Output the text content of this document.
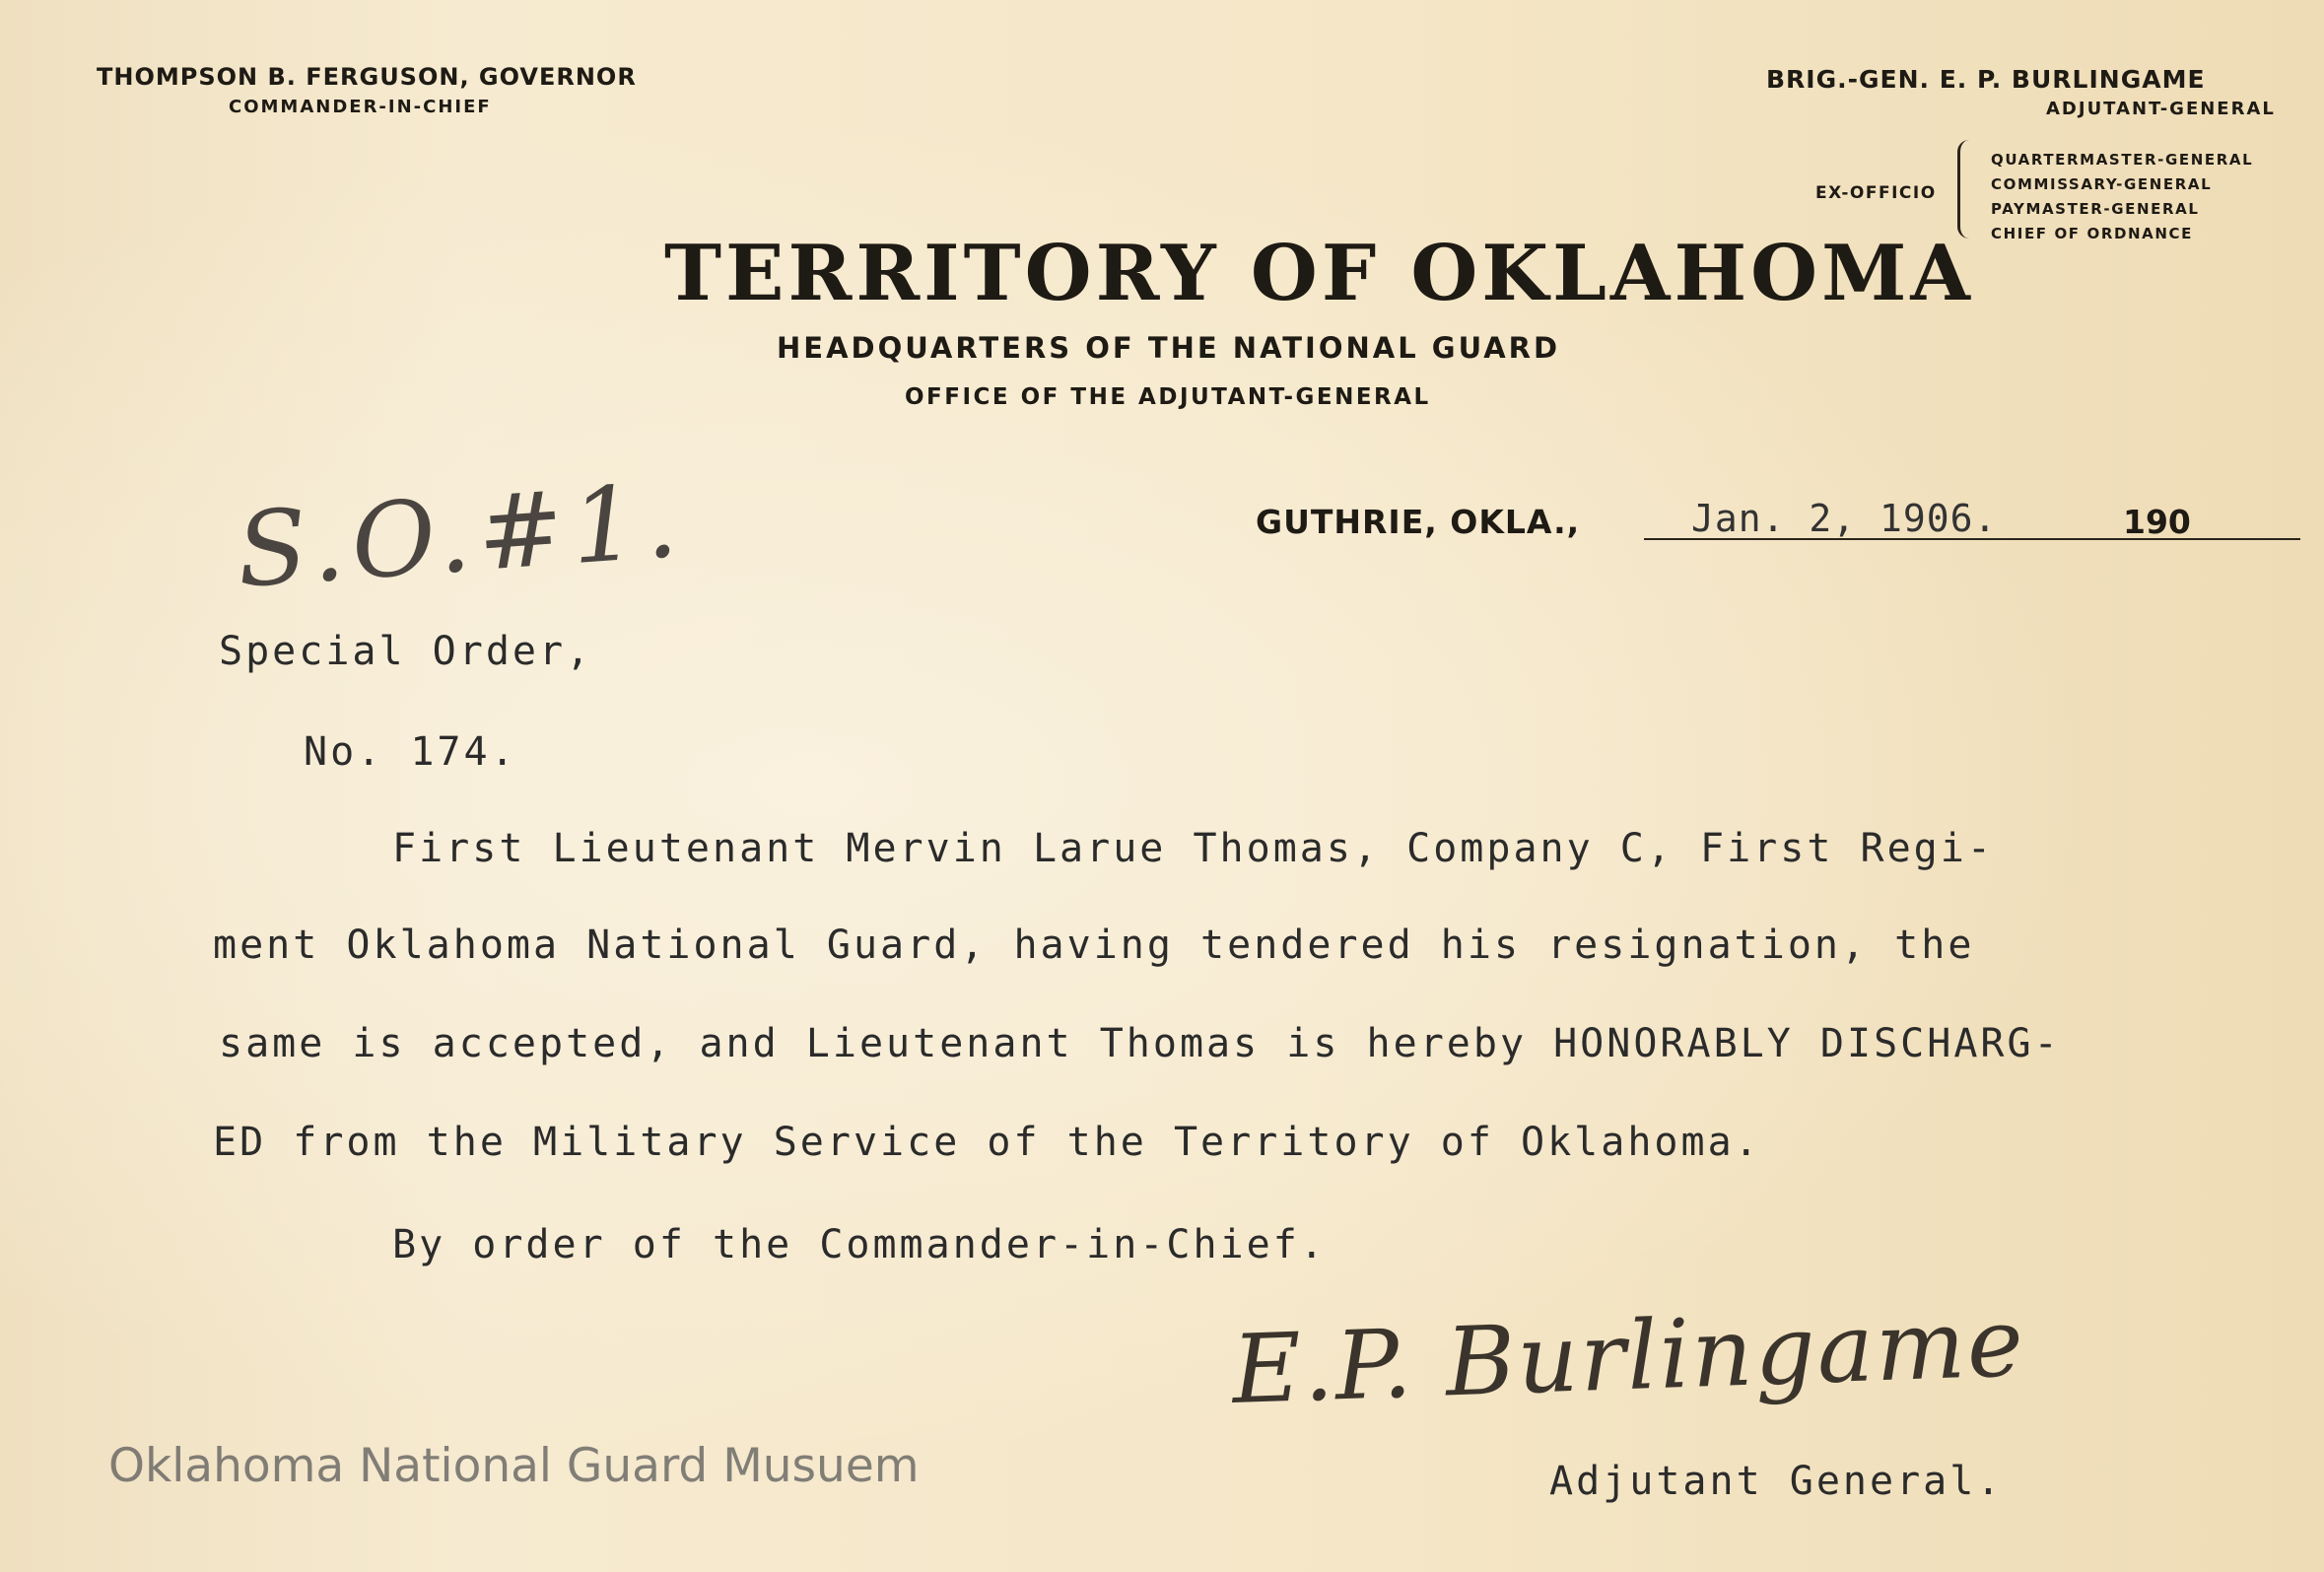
THOMPSON B. FERGUSON, GOVERNOR
COMMANDER-IN-CHIEF
BRIG.-GEN. E. P. BURLINGAME
ADJUTANT-GENERAL
EX-OFFICIO
QUARTERMASTER-GENERAL
COMMISSARY-GENERAL
PAYMASTER-GENERAL
CHIEF OF ORDNANCE
TERRITORY OF OKLAHOMA
HEADQUARTERS OF THE NATIONAL GUARD
OFFICE OF THE ADJUTANT-GENERAL
S.O.#1.	GUTHRIE, OKLA.,	Jan. 2, 1906.	190
Special Order,
No. 174.
First Lieutenant Mervin Larue Thomas, Company C, First Regi-
ment Oklahoma National Guard, having tendered his resignation, the
same is accepted, and Lieutenant Thomas is hereby HONORABLY DISCHARG-
ED from the Military Service of the Territory of Oklahoma.
By order of the Commander-in-Chief.
E.P. Burlingame
Adjutant General.
Oklahoma National Guard Musuem
